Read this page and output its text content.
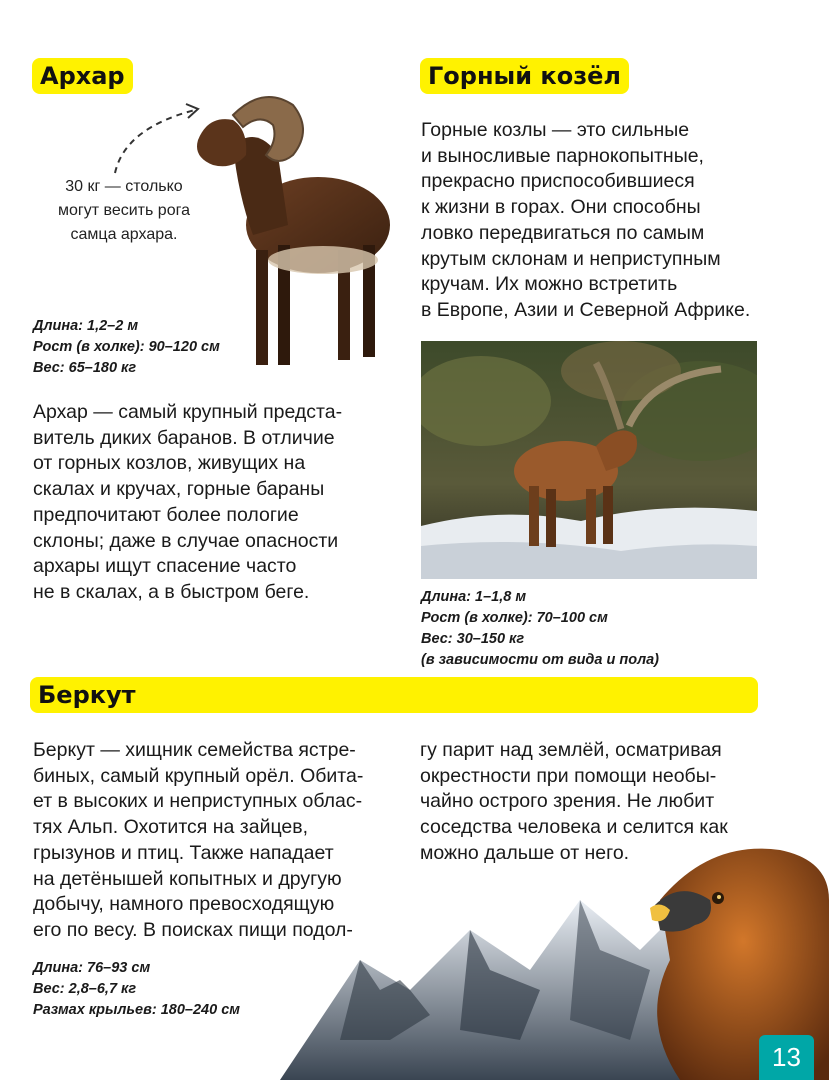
Архар	Горный козёл
Беркут
30 кг — столько
могут весить рога
самца архара.
Длина: 1,2–2 м
Рост (в холке): 90–120 см
Вес: 65–180 кг
Архар — самый крупный предста-
витель диких баранов. В отличие
от горных козлов, живущих на
скалах и кручах, горные бараны
предпочитают более пологие
склоны; даже в случае опасности
архары ищут спасение часто
не в скалах, а в быстром беге.
Горные козлы — это сильные
и выносливые парнокопытные,
прекрасно приспособившиеся
к жизни в горах. Они способны
ловко передвигаться по самым
крутым склонам и неприступным
кручам. Их можно встретить
в Европе, Азии и Северной Африке.
Длина: 1–1,8 м
Рост (в холке): 70–100 см
Вес: 30–150 кг
(в зависимости от вида и пола)
Беркут — хищник семейства ястре-
биных, самый крупный орёл. Обита-
ет в высоких и неприступных облас-
тях Альп. Охотится на зайцев,
грызунов и птиц. Также нападает
на детёнышей копытных и другую
добычу, намного превосходящую
его по весу. В поисках пищи подол-
гу парит над землёй, осматривая
окрестности при помощи необы-
чайно острого зрения. Не любит
соседства человека и селится как
можно дальше от него.
Длина: 76–93 см
Вес: 2,8–6,7 кг
Размах крыльев: 180–240 см
13
